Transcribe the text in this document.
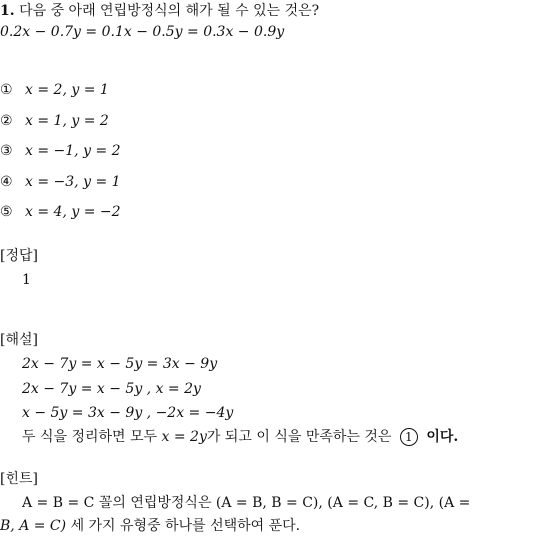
1. 다음 중 아래 연립방정식의 해가 될 수 있는 것은?
0.2x − 0.7y = 0.1x − 0.5y = 0.3x − 0.9y
① x = 2, y = 1
② x = 1, y = 2
③ x = −1, y = 2
④ x = −3, y = 1
⑤ x = 4, y = −2
[정답]
1
[해설]
2x − 7y = x − 5y = 3x − 9y
2x − 7y = x − 5y , x = 2y
x − 5y = 3x − 9y , −2x = −4y
두 식을 정리하면 모두 x = 2y가 되고 이 식을 만족하는 것은 1 이다.
[힌트]
A = B = C 꼴의 연립방정식은 (A = B, B = C), (A = C, B = C), (A =
B, A = C) 세 가지 유형중 하나를 선택하여 푼다.
